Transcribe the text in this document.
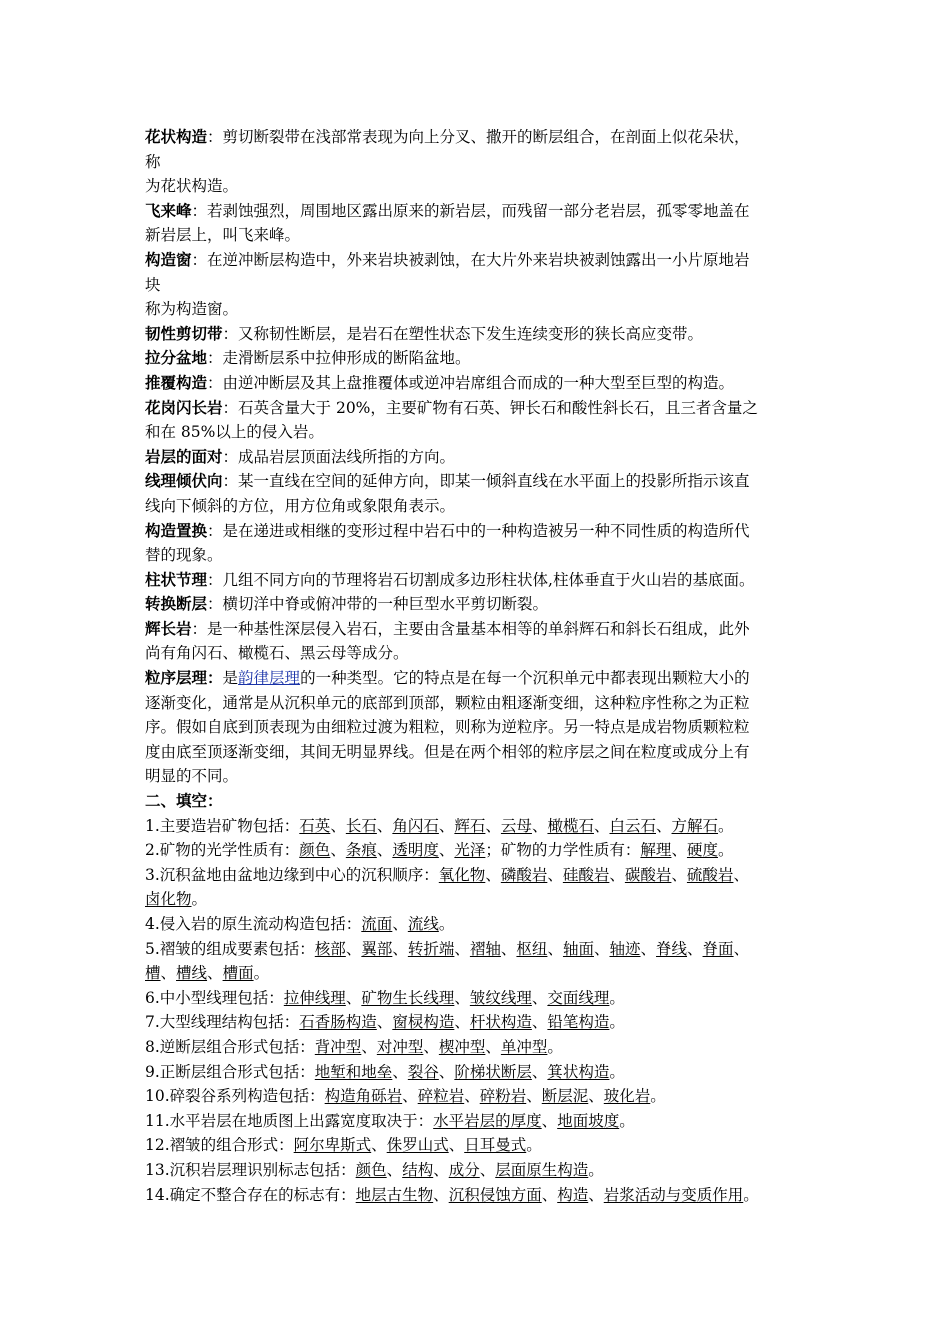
花状构造：剪切断裂带在浅部常表现为向上分叉、撒开的断层组合，在剖面上似花朵状，
称
为花状构造。
飞来峰：若剥蚀强烈，周围地区露出原来的新岩层，而残留一部分老岩层，孤零零地盖在
新岩层上，叫飞来峰。
构造窗：在逆冲断层构造中，外来岩块被剥蚀，在大片外来岩块被剥蚀露出一小片原地岩
块
称为构造窗。
韧性剪切带：又称韧性断层，是岩石在塑性状态下发生连续变形的狭长高应变带。
拉分盆地：走滑断层系中拉伸形成的断陷盆地。
推覆构造：由逆冲断层及其上盘推覆体或逆冲岩席组合而成的一种大型至巨型的构造。
花岗闪长岩：石英含量大于 20%，主要矿物有石英、钾长石和酸性斜长石，且三者含量之
和在 85%以上的侵入岩。
岩层的面对：成品岩层顶面法线所指的方向。
线理倾伏向：某一直线在空间的延伸方向，即某一倾斜直线在水平面上的投影所指示该直
线向下倾斜的方位，用方位角或象限角表示。
构造置换：是在递进或相继的变形过程中岩石中的一种构造被另一种不同性质的构造所代
替的现象。
柱状节理：几组不同方向的节理将岩石切割成多边形柱状体,柱体垂直于火山岩的基底面。
转换断层：横切洋中脊或俯冲带的一种巨型水平剪切断裂。
辉长岩：是一种基性深层侵入岩石，主要由含量基本相等的单斜辉石和斜长石组成，此外
尚有角闪石、橄榄石、黑云母等成分。
粒序层理：是韵律层理的一种类型。它的特点是在每一个沉积单元中都表现出颗粒大小的
逐渐变化，通常是从沉积单元的底部到顶部，颗粒由粗逐渐变细，这种粒序性称之为正粒
序。假如自底到顶表现为由细粒过渡为粗粒，则称为逆粒序。另一特点是成岩物质颗粒粒
度由底至顶逐渐变细，其间无明显界线。但是在两个相邻的粒序层之间在粒度或成分上有
明显的不同。
二、填空：
1.主要造岩矿物包括：石英、长石、角闪石、辉石、云母、橄榄石、白云石、方解石。
2.矿物的光学性质有：颜色、条痕、透明度、光泽；矿物的力学性质有：解理、硬度。
3.沉积盆地由盆地边缘到中心的沉积顺序：氧化物、磷酸岩、硅酸岩、碳酸岩、硫酸岩、
卤化物。
4.侵入岩的原生流动构造包括：流面、流线。
5.褶皱的组成要素包括：核部、翼部、转折端、褶轴、枢纽、轴面、轴迹、脊线、脊面、
槽、槽线、槽面。
6.中小型线理包括：拉伸线理、矿物生长线理、皱纹线理、交面线理。
7.大型线理结构包括：石香肠构造、窗棂构造、杆状构造、铅笔构造。
8.逆断层组合形式包括：背冲型、对冲型、楔冲型、单冲型。
9.正断层组合形式包括：地堑和地垒、裂谷、阶梯状断层、箕状构造。
10.碎裂谷系列构造包括：构造角砾岩、碎粒岩、碎粉岩、断层泥、玻化岩。
11.水平岩层在地质图上出露宽度取决于：水平岩层的厚度、地面坡度。
12.褶皱的组合形式：阿尔卑斯式、侏罗山式、日耳曼式。
13.沉积岩层理识别标志包括：颜色、结构、成分、层面原生构造。
14.确定不整合存在的标志有：地层古生物、沉积侵蚀方面、构造、岩浆活动与变质作用。
